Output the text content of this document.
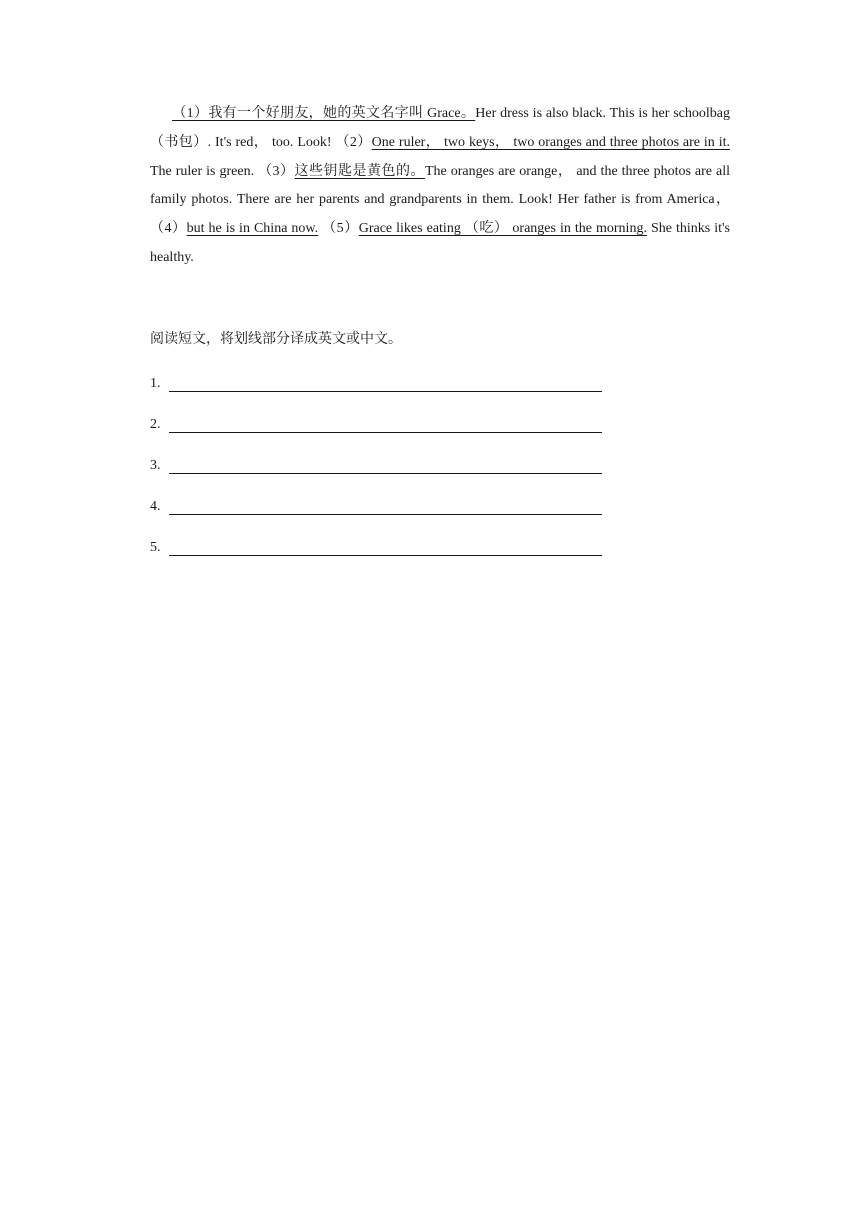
（1）我有一个好朋友，她的英文名字叫 Grace。Her dress is also black. This is her schoolbag （书包）. It's red， too. Look! （2）One ruler， two keys， two oranges and three photos are in it. The ruler is green. （3）这些钥匙是黄色的。The oranges are orange， and the three photos are all family photos. There are her parents and grandparents in them. Look! Her father is from America， （4）but he is in China now. （5）Grace likes eating （吃） oranges in the morning. She thinks it's healthy.

阅读短文，将划线部分译成英文或中文。
1.
2.
3.
4.
5.
